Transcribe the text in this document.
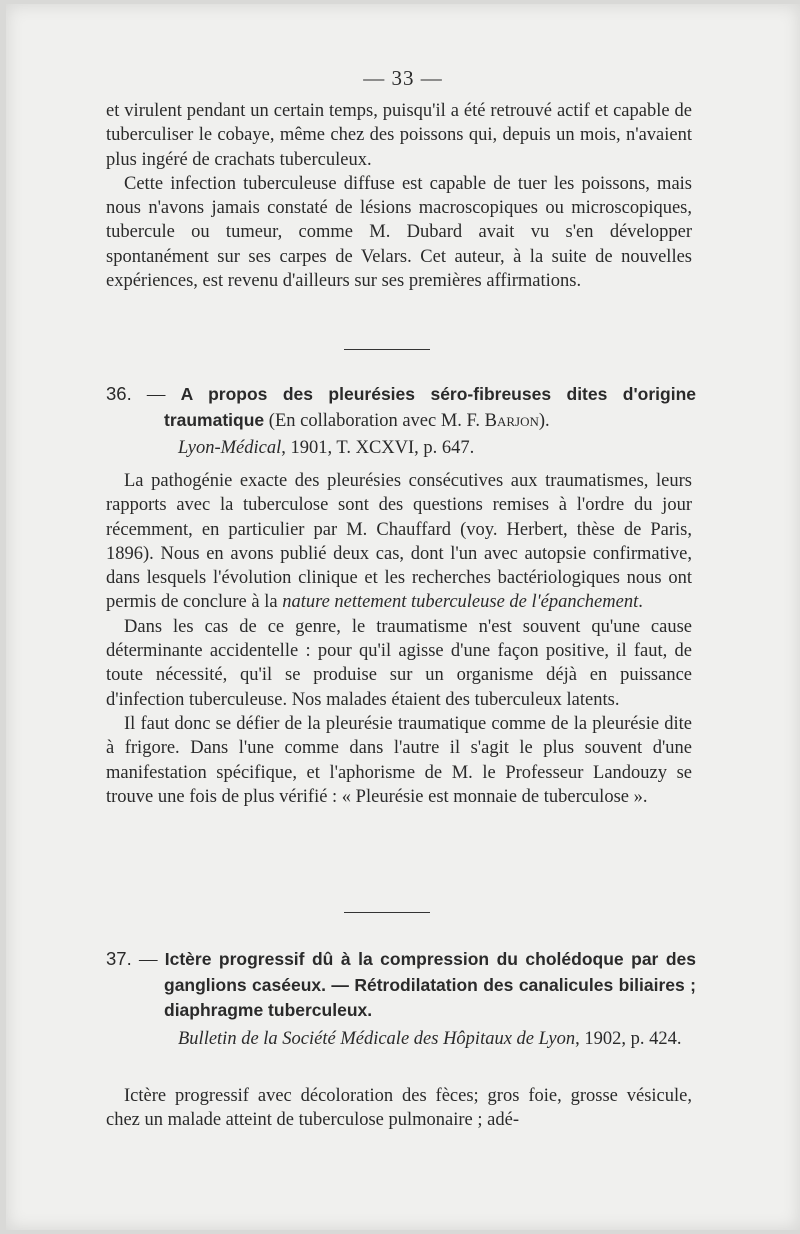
— 33 —

et virulent pendant un certain temps, puisqu'il a été retrouvé actif et capable de tuberculiser le cobaye, même chez des poissons qui, depuis un mois, n'avaient plus ingéré de crachats tuberculeux.

Cette infection tuberculeuse diffuse est capable de tuer les poissons, mais nous n'avons jamais constaté de lésions macroscopiques ou microscopiques, tubercule ou tumeur, comme M. Dubard avait vu s'en développer spontanément sur ses carpes de Velars. Cet auteur, à la suite de nouvelles expériences, est revenu d'ailleurs sur ses premières affirmations.

36. — A propos des pleurésies séro-fibreuses dites d'origine traumatique (En collaboration avec M. F. Barjon).
Lyon-Médical, 1901, T. XCXVI, p. 647.

La pathogénie exacte des pleurésies consécutives aux traumatismes, leurs rapports avec la tuberculose sont des questions remises à l'ordre du jour récemment, en particulier par M. Chauffard (voy. Herbert, thèse de Paris, 1896). Nous en avons publié deux cas, dont l'un avec autopsie confirmative, dans lesquels l'évolution clinique et les recherches bactériologiques nous ont permis de conclure à la nature nettement tuberculeuse de l'épanchement.

Dans les cas de ce genre, le traumatisme n'est souvent qu'une cause déterminante accidentelle : pour qu'il agisse d'une façon positive, il faut, de toute nécessité, qu'il se produise sur un organisme déjà en puissance d'infection tuberculeuse. Nos malades étaient des tuberculeux latents.

Il faut donc se défier de la pleurésie traumatique comme de la pleurésie dite à frigore. Dans l'une comme dans l'autre il s'agit le plus souvent d'une manifestation spécifique, et l'aphorisme de M. le Professeur Landouzy se trouve une fois de plus vérifié : « Pleurésie est monnaie de tuberculose ».

37. — Ictère progressif dû à la compression du cholédoque par des ganglions caséeux. — Rétrodilatation des canalicules biliaires ; diaphragme tuberculeux.
Bulletin de la Société Médicale des Hôpitaux de Lyon, 1902, p. 424.

Ictère progressif avec décoloration des fèces; gros foie, grosse vésicule, chez un malade atteint de tuberculose pulmonaire ; adé-
